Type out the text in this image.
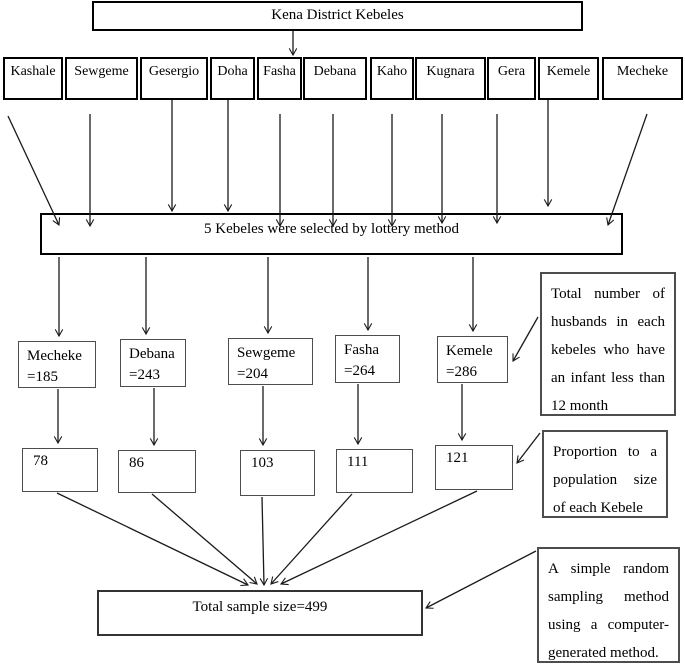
Kena District Kebeles
Kashale	Sewgeme	Gesergio	Doha	Fasha	Debana	Kaho	Kugnara	Gera	Kemele	Mecheke
5 Kebeles were selected by lottery method
Mecheke
=185
Debana
=243
Sewgeme
=204
Fasha
=264
Kemele
=286
78	86	103	111	121
Total sample size=499
Total number of husbands in each kebeles who have an infant less than 12 month
Proportion to a population size of each Kebele
A simple random sampling method using a computer-generated method.
